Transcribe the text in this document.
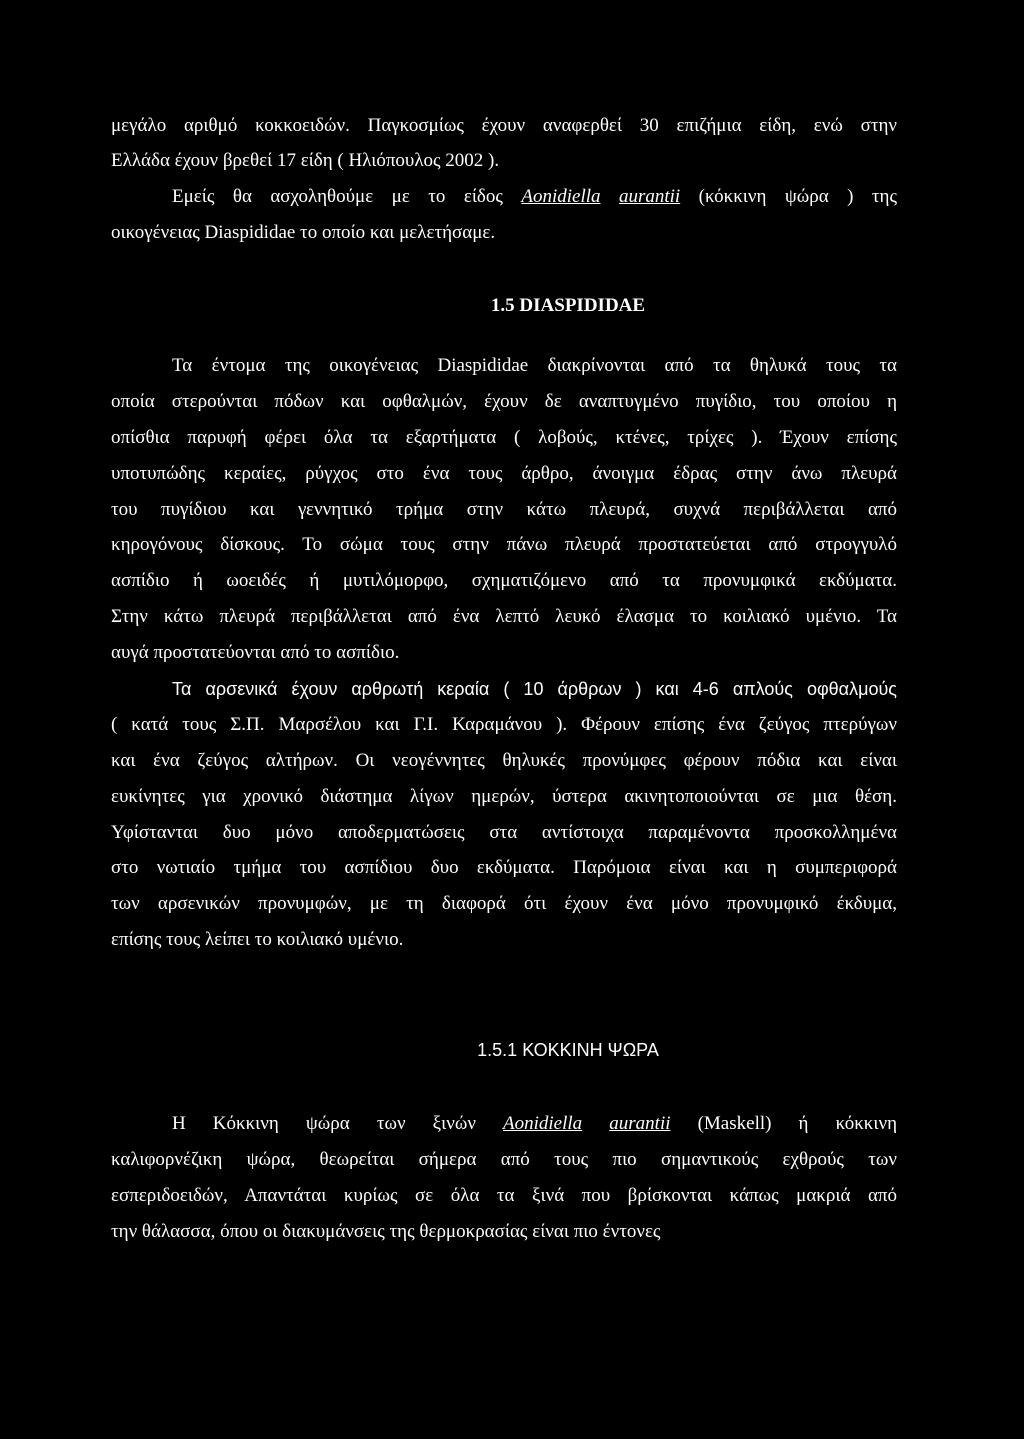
μεγάλο αριθμό κοκκοειδών. Παγκοσμίως έχουν αναφερθεί 30 επιζήμια είδη, ενώ στην
Ελλάδα έχουν βρεθεί 17 είδη ( Ηλιόπουλος 2002 ).
Εμείς θα ασχοληθούμε με το είδος Aonidiella aurantii (κόκκινη ψώρα ) της
οικογένειας Diaspididae το οποίο και μελετήσαμε.
1.5 DIASPIDIDAE
Τα έντομα της οικογένειας Diaspididae διακρίνονται από τα θηλυκά τους τα
οποία στερούνται πόδων και οφθαλμών, έχουν δε αναπτυγμένο πυγίδιο, του οποίου η
οπίσθια παρυφή φέρει όλα τα εξαρτήματα ( λοβούς, κτένες, τρίχες ). Έχουν επίσης
υποτυπώδης κεραίες, ρύγχος στο ένα τους άρθρο, άνοιγμα έδρας στην άνω πλευρά
του πυγίδιου και γεννητικό τρήμα στην κάτω πλευρά, συχνά περιβάλλεται από
κηρογόνους δίσκους. Το σώμα τους στην πάνω πλευρά προστατεύεται από στρογγυλό
ασπίδιο ή ωοειδές ή μυτιλόμορφο, σχηματιζόμενο από τα προνυμφικά εκδύματα.
Στην κάτω πλευρά περιβάλλεται από ένα λεπτό λευκό έλασμα το κοιλιακό υμένιο. Τα
αυγά προστατεύονται από το ασπίδιο.
Τα αρσενικά έχουν αρθρωτή κεραία ( 10 άρθρων ) και 4-6 απλούς οφθαλμούς
( κατά τους Σ.Π. Μαρσέλου και Γ.Ι. Καραμάνου ). Φέρουν επίσης ένα ζεύγος πτερύγων
και ένα ζεύγος αλτήρων. Οι νεογέννητες θηλυκές προνύμφες φέρουν πόδια και είναι
ευκίνητες για χρονικό διάστημα λίγων ημερών, ύστερα ακινητοποιούνται σε μια θέση.
Υφίστανται δυο μόνο αποδερματώσεις στα αντίστοιχα παραμένοντα προσκολλημένα
στο νωτιαίο τμήμα του ασπίδιου δυο εκδύματα. Παρόμοια είναι και η συμπεριφορά
των αρσενικών προνυμφών, με τη διαφορά ότι έχουν ένα μόνο προνυμφικό έκδυμα,
επίσης τους λείπει το κοιλιακό υμένιο.
1.5.1 ΚΟΚΚΙΝΗ ΨΩΡΑ
Η Κόκκινη ψώρα των ξινών Aonidiella aurantii (Maskell) ή κόκκινη
καλιφορνέζικη ψώρα, θεωρείται σήμερα από τους πιο σημαντικούς εχθρούς των
εσπεριδοειδών, Απαντάται κυρίως σε όλα τα ξινά που βρίσκονται κάπως μακριά από
την θάλασσα, όπου οι διακυμάνσεις της θερμοκρασίας είναι πιο έντονες
